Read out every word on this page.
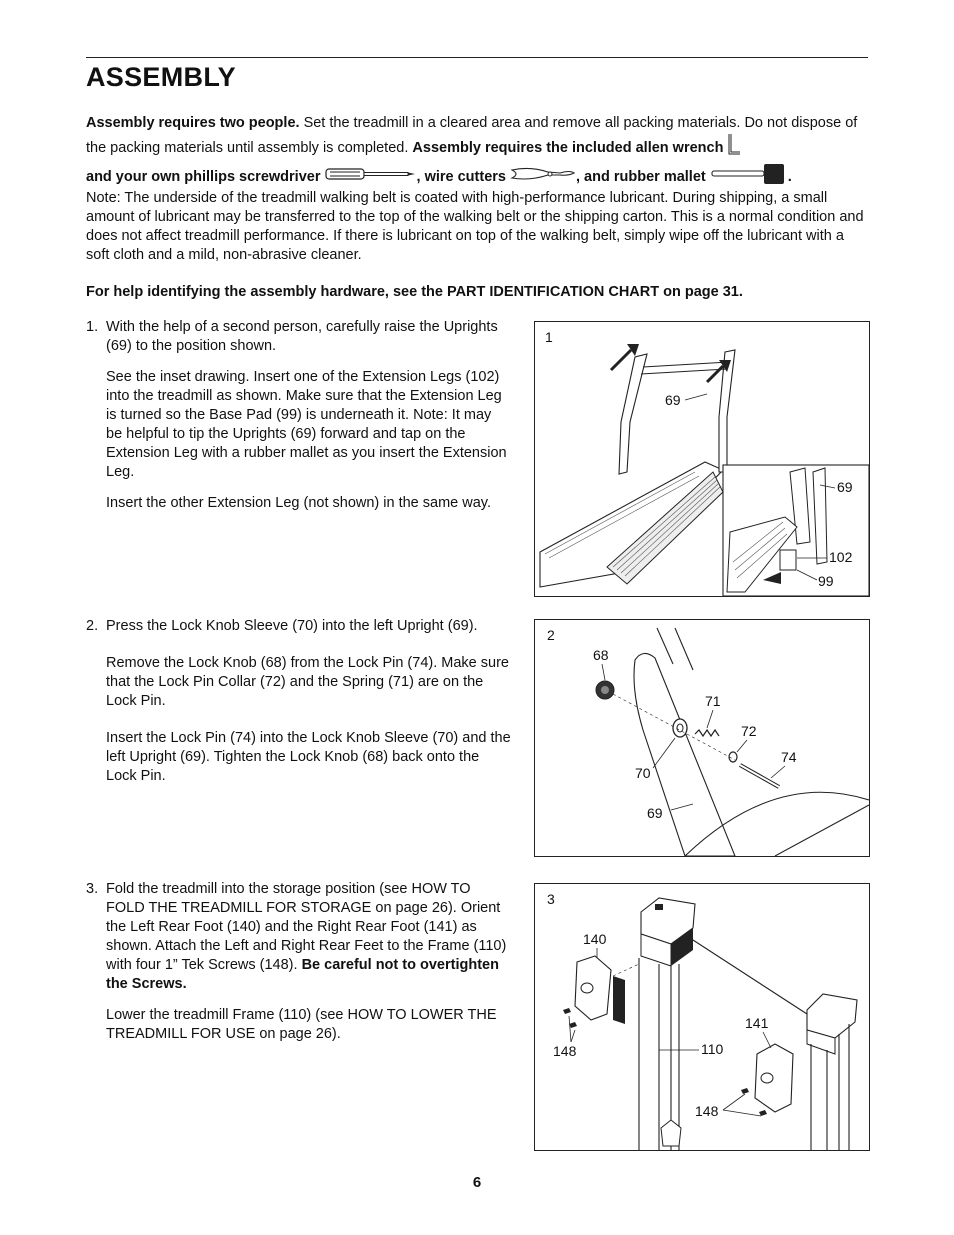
ASSEMBLY
Assembly requires two people. Set the treadmill in a cleared area and remove all packing materials. Do not dispose of the packing materials until assembly is completed. Assembly requires the included allen wrench
and your own phillips screwdriver	, wire cutters	, and rubber mallet	.
Note: The underside of the treadmill walking belt is coated with high-performance lubricant. During shipping, a small amount of lubricant may be transferred to the top of the walking belt or the shipping carton. This is a normal condition and does not affect treadmill performance. If there is lubricant on top of the walking belt, simply wipe off the lubricant with a soft cloth and a mild, non-abrasive cleaner.
For help identifying the assembly hardware, see the PART IDENTIFICATION CHART on page 31.
1. With the help of a second person, carefully raise the Uprights (69) to the position shown.

See the inset drawing. Insert one of the Extension Legs (102) into the treadmill as shown. Make sure that the Extension Leg is turned so the Base Pad (99) is underneath it. Note: It may be helpful to tip the Uprights (69) forward and tap on the Extension Leg with a rubber mallet as you insert the Extension Leg.

Insert the other Extension Leg (not shown) in the same way.

1
69
69
102
99
2. Press the Lock Knob Sleeve (70) into the left Upright (69).

Remove the Lock Knob (68) from the Lock Pin (74). Make sure that the Lock Pin Collar (72) and the Spring (71) are on the Lock Pin.

Insert the Lock Pin (74) into the Lock Knob Sleeve (70) and the left Upright (69). Tighten the Lock Knob (68) back onto the Lock Pin.

2
68
71
72
74
70
69
3. Fold the treadmill into the storage position (see HOW TO FOLD THE TREADMILL FOR STORAGE on page 26). Orient the Left Rear Foot (140) and the Right Rear Foot (141) as shown. Attach the Left and Right Rear Feet to the Frame (110) with four 1” Tek Screws (148). Be careful not to overtighten the Screws.

Lower the treadmill Frame (110) (see HOW TO LOWER THE TREADMILL FOR USE on page 26).

3
140
148	110
141
148
6
